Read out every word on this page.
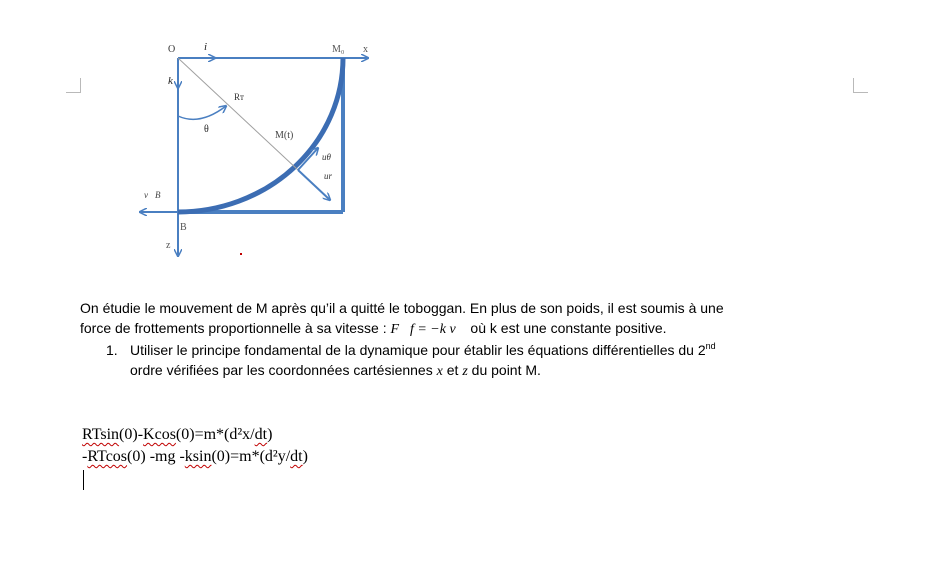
O	i
k
M₀ x
Rᴛ
θ
M(t)
uθ
ur
v⃗B
B
z
On étudie le mouvement de M après qu’il a quitté le toboggan. En plus de son poids, il est soumis à une
force de frottements proportionnelle à sa vitesse : F⃗f = −k v⃗ où k est une constante positive.
1. Utiliser le principe fondamental de la dynamique pour établir les équations différentielles du 2nd
ordre vérifiées par les coordonnées cartésiennes x et z du point M.
RTsin(0)-Kcos(0)=m*(d²x/dt)
-RTcos(0) -mg -ksin(0)=m*(d²y/dt)
